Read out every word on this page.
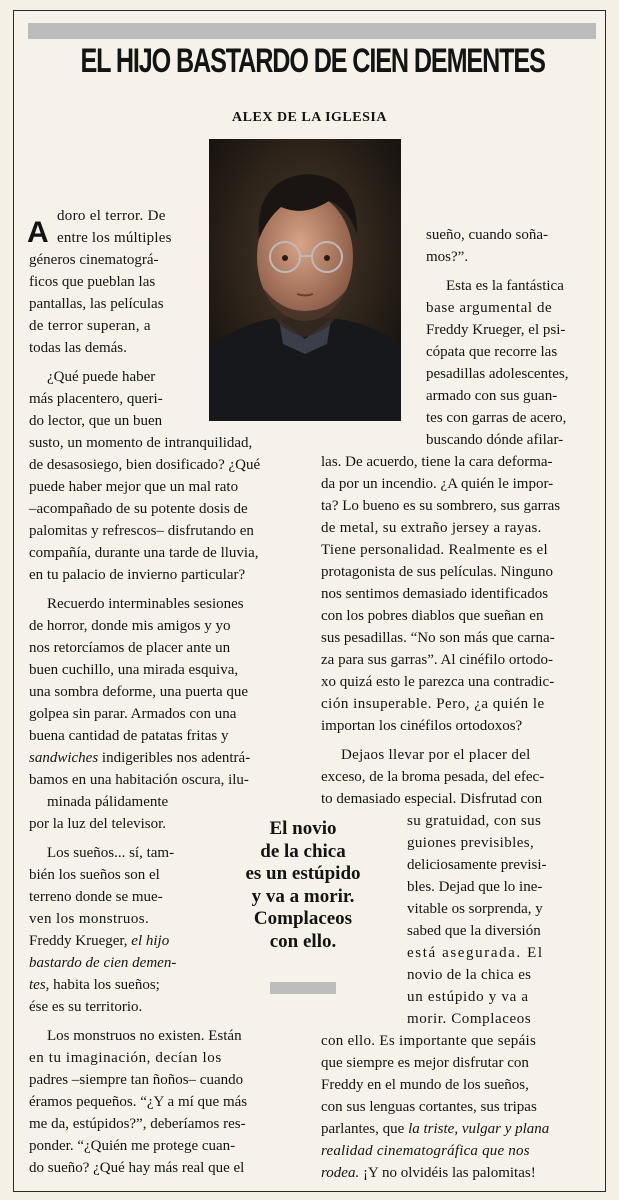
EL HIJO BASTARDO DE CIEN DEMENTES
ALEX DE LA IGLESIA
A doro el terror. De
entre los múltiples
géneros cinematográ-
ficos que pueblan las
pantallas, las películas
de terror superan, a
todas las demás.
¿Qué puede haber
más placentero, queri-
do lector, que un buen
susto, un momento de intranquilidad,
de desasosiego, bien dosificado? ¿Qué
puede haber mejor que un mal rato
–acompañado de su potente dosis de
palomitas y refrescos– disfrutando en
compañía, durante una tarde de lluvia,
en tu palacio de invierno particular?
Recuerdo interminables sesiones
de horror, donde mis amigos y yo
nos retorcíamos de placer ante un
buen cuchillo, una mirada esquiva,
una sombra deforme, una puerta que
golpea sin parar. Armados con una
buena cantidad de patatas fritas y
sandwiches indigeribles nos adentrá-
bamos en una habitación oscura, ilu-
minada pálidamente
por la luz del televisor.
Los sueños... sí, tam-
bién los sueños son el
terreno donde se mue-
ven los monstruos.
Freddy Krueger, el hijo
bastardo de cien demen-
tes, habita los sueños;
ése es su territorio.
Los monstruos no existen. Están
en tu imaginación, decían los
padres –siempre tan ñoños– cuando
éramos pequeños. “¿Y a mí que más
me da, estúpidos?”, deberíamos res-
ponder. “¿Quién me protege cuan-
do sueño? ¿Qué hay más real que el
sueño, cuando soña-
mos?”.
Esta es la fantástica
base argumental de
Freddy Krueger, el psi-
cópata que recorre las
pesadillas adolescentes,
armado con sus guan-
tes con garras de acero,
buscando dónde afilar-
las. De acuerdo, tiene la cara deforma-
da por un incendio. ¿A quién le impor-
ta? Lo bueno es su sombrero, sus garras
de metal, su extraño jersey a rayas.
Tiene personalidad. Realmente es el
protagonista de sus películas. Ninguno
nos sentimos demasiado identificados
con los pobres diablos que sueñan en
sus pesadillas. “No son más que carna-
za para sus garras”. Al cinéfilo ortodo-
xo quizá esto le parezca una contradic-
ción insuperable. Pero, ¿a quién le
importan los cinéfilos ortodoxos?
Dejaos llevar por el placer del
exceso, de la broma pesada, del efec-
to demasiado especial. Disfrutad con
su gratuidad, con sus
guiones previsibles,
deliciosamente previsi-
bles. Dejad que lo ine-
vitable os sorprenda, y
sabed que la diversión
está asegurada. El
novio de la chica es
un estúpido y va a
morir. Complaceos
con ello. Es importante que sepáis
que siempre es mejor disfrutar con
Freddy en el mundo de los sueños,
con sus lenguas cortantes, sus tripas
parlantes, que la triste, vulgar y plana
realidad cinematográfica que nos
rodea. ¡Y no olvidéis las palomitas!
El novio
de la chica
es un estúpido
y va a morir.
Complaceos
con ello.
